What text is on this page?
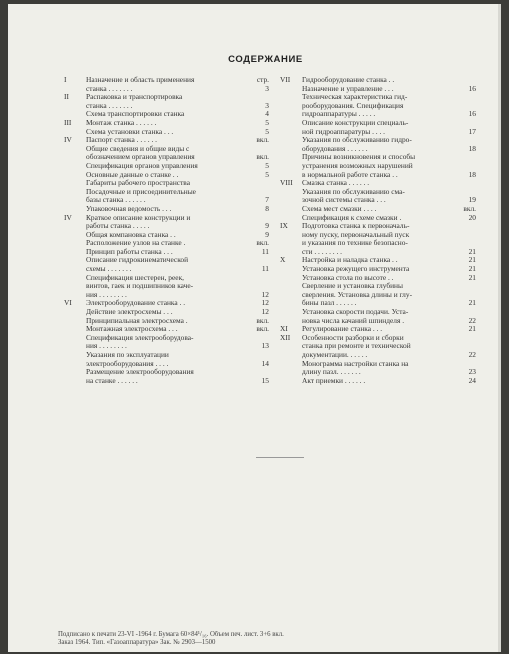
СОДЕРЖАНИЕ
I	Назначение и область применения	стр.
станка . . . . . . .	3
II	Распаковка и транспортировка
станка . . . . . . .	3
Схема транспортировки станка	4
III	Монтаж станка . . . . . .	5
Схема установки станка . . .	5
IV	Паспорт станка . . . . . .	вкл.
Общие сведения и общие виды с
обозначением органов управления	вкл.
Спецификация органов управления	5
Основные данные о станке . .	5
Габариты рабочего пространства
Посадочные и присоединительные
базы станка . . . . . .	7
Упаковочная ведомость . . .	8
IV	Краткое описание конструкции и
работы станка . . . . .	9
Общая компановка станка . .	9
Расположение узлов на станке .	вкл.
Принцип работы станка . . .	11
Описание гидрокинематической
схемы . . . . . . .	11
Спецификация шестерен, реек,
винтов, гаек и подшипников каче-
ния . . . . . . . .	12
VI	Электрооборудование станка . .	12
Действие электросхемы . . .	12
Принципиальная электросхема .	вкл.
Монтажная электросхема . . .	вкл.
Спецификация электрооборудова-
ния . . . . . . . .	13
Указания по эксплуатации
электрооборудования . . . .	14
Размещение электрооборудования
на станке . . . . . .	15
VII	Гидрооборудование станка . .
Назначение и управление . . .	16
Техническая характеристика гид-
рооборудования. Спецификация
гидроаппаратуры . . . . .	16
Описание конструкции специаль-
ной гидроаппаратуры . . . .	17
Указания по обслуживанию гидро-
оборудования . . . . . .	18
Причины возникновения и способы
устранения возможных нарушений
в нормальной работе станка . .	18
VIII	Смазка станка . . . . . .
Указания по обслуживанию сма-
зочной системы станка . . .	19
Схема мест смазки . . . .	вкл.
Спецификация к схеме смазки .	20
IX	Подготовка станка к первоначаль-
ному пуску, первоначальный пуск
и указания по технике безопасно-
сти . . . . . . . .	21
X	Настройка и наладка станка . .	21
Установка режущего инструмента	21
Установка стола по высоте . .	21
Сверление и установка глубины
сверления. Установка длины и глу-
бины пазл . . . . . .	21
Установка скорости подачи. Уста-
новка числа качаний шпинделя .	22
XI	Регулирование станка . . .	21
XII	Особенности разборки и сборки
станка при ремонте и технической
документации. . . . . .	22
Монограмма настройки станка на
длину пазл. . . . . . .	23
Акт приемки . . . . . .	24
Подписано к печати 23-VI -1964 г. Бумага 60×84¹/₁₆. Объем печ. лист. 3+6 вкл.
Заказ 1964. Тип. «Газоаппаратура» Зак. № 2903—1500
